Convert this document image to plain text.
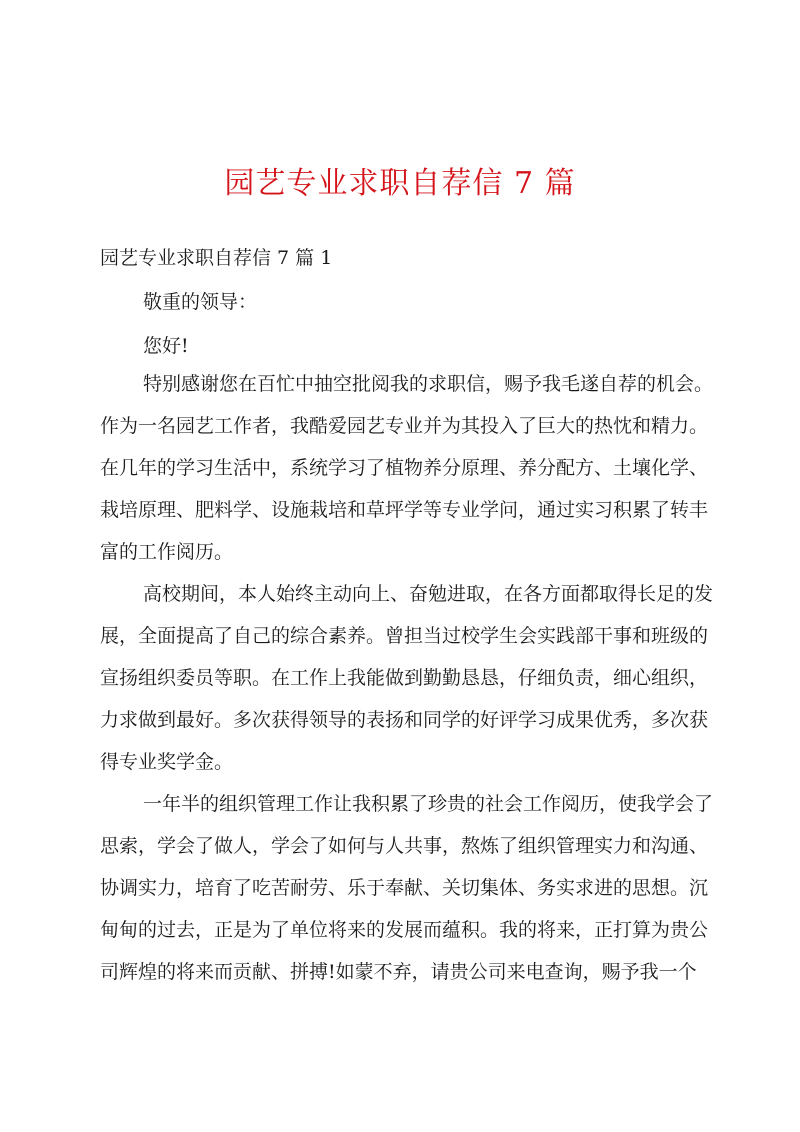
园艺专业求职自荐信 7 篇
园艺专业求职自荐信 7 篇 1
敬重的领导：
您好!
特别感谢您在百忙中抽空批阅我的求职信，赐予我毛遂自荐的机会。
作为一名园艺工作者，我酷爱园艺专业并为其投入了巨大的热忱和精力。
在几年的学习生活中，系统学习了植物养分原理、养分配方、土壤化学、
栽培原理、肥料学、设施栽培和草坪学等专业学问，通过实习积累了转丰
富的工作阅历。
高校期间，本人始终主动向上、奋勉进取，在各方面都取得长足的发
展，全面提高了自己的综合素养。曾担当过校学生会实践部干事和班级的
宣扬组织委员等职。在工作上我能做到勤勤恳恳，仔细负责，细心组织，
力求做到最好。多次获得领导的表扬和同学的好评学习成果优秀，多次获
得专业奖学金。
一年半的组织管理工作让我积累了珍贵的社会工作阅历，使我学会了
思索，学会了做人，学会了如何与人共事，熬炼了组织管理实力和沟通、
协调实力，培育了吃苦耐劳、乐于奉献、关切集体、务实求进的思想。沉
甸甸的过去，正是为了单位将来的发展而蕴积。我的将来，正打算为贵公
司辉煌的将来而贡献、拼搏!如蒙不弃，请贵公司来电查询，赐予我一个
